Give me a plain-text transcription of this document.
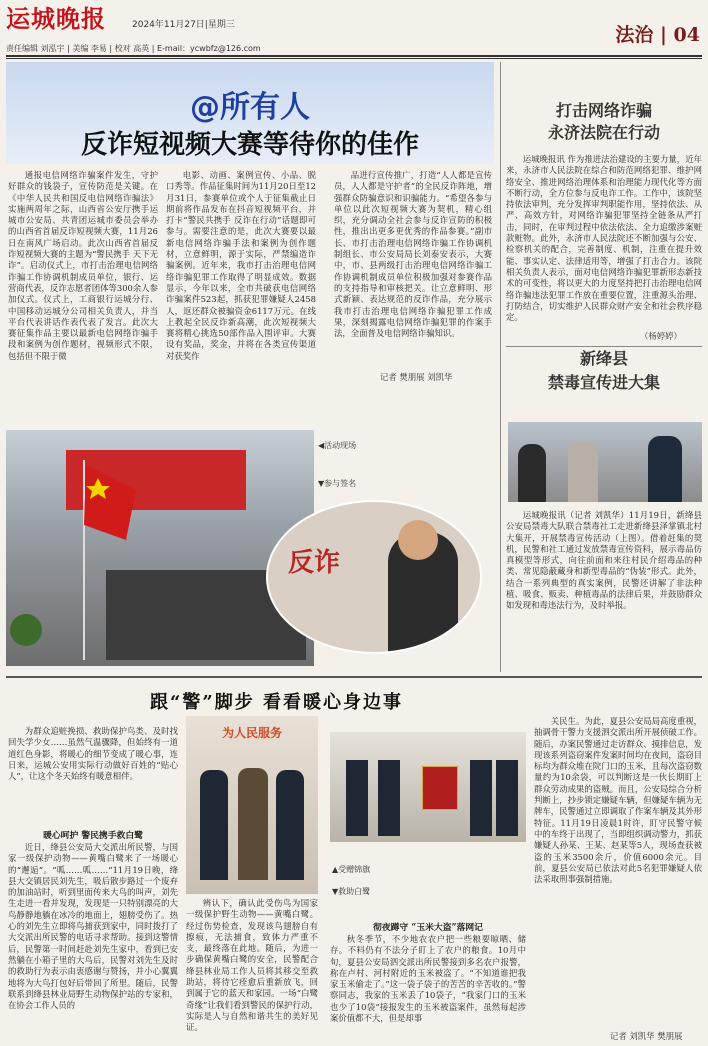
运城晚报	2024年11月27日|星期三	法治 | 04
责任编辑 刘泓宇 | 美编 李易 | 校对 高英 | E-mail：ycwbfz@126.com
@所有人
反诈短视频大赛等待你的佳作

通报电信网络诈骗案件发生，守护好群众的钱袋子，宣传防范是关键。在《中华人民共和国反电信网络诈骗法》实施两周年之际，山西省公安厅携手运城市公安局、共青团运城市委员会举办的山西省首届反诈短视频大赛，11月26日在南风广场启动。此次山西省首届反诈短视频大赛的主题为“警民携手 天下无诈”。启动仪式上，市打击治理电信网络诈骗工作协调机制成员单位，银行、运营商代表，反诈志愿者团体等300余人参加仪式。仪式上，工商银行运城分行、中国移动运城分公司相关负责人，并当平台代表讲话作表代表了发言。此次大赛征集作品主要以最新电信网络诈骗手段和案例为创作题材，视频形式不限，包括但不限于微

电影、动画、案例宣传、小品、脱口秀等。作品征集时间为11月20日至12月31日，参赛单位或个人于征集截止日期前将作品发布在抖音短视频平台，并打卡“警民共携手 反诈在行动”话题即可参与。需要注意的是，此次大赛要以最新电信网络诈骗手法和案例为创作题材，立意鲜明，源于实际，严禁编造诈骗案例。近年来，我市打击治理电信网络诈骗犯罪工作取得了明显成效。数据显示，今年以来，全市共破获电信网络诈骗案件523起，抓获犯罪嫌疑人2458人，返还群众被骗资金6117万元。在线上教起全民反诈新高潮，此次短视频大赛将精心挑选50部作品入围评审。大赛设有奖品，奖金，并将在各类宣传渠道对获奖作

品进行宣传推广，打造“人人都是宣传员，人人都是守护者”的全民反诈阵地，增强群众防骗意识和识骗能力。“希望各参与单位以此次短视频大赛为契机，精心组织，充分调动全社会参与反诈宣防的积极性，推出出更多更优秀的作品参赛。”副市长、市打击治理电信网络诈骗工作协调机制组长、市公安局局长刘泰安表示，大赛中，市、县两级打击治理电信网络诈骗工作协调机制成员单位积极加强对参赛作品的支持指导和审核把关。让立意鲜明、形式新颖、表达规范的反诈作品，充分展示我市打击治理电信网络诈骗犯罪工作成果，深刻揭露电信网络诈骗犯罪的作案手法，全面普及电信网络诈骗知识。

记者 樊朋展 刘凯华
◀活动现场
▼参与签名
反诈
打击网络诈骗
永济法院在行动

运城晚报讯 作为推进法治建设的主要力量，近年来，永济市人民法院在综合和防范网络犯罪、维护网络安全、推进网络治理体系和治理能力现代化等方面不断行动，全方位参与反电诈工作。工作中，该院坚持依法审判，充分发挥审判职能作用，坚持依法、从严、高效方针，对网络诈骗犯罪坚持全链条从严打击，同时，在审判过程中依法依法、全力追缴涉案赃款赃物。此外，永济市人民法院还不断加强与公安、检察机关的配合，完善制度、机制，注重在提升效能、事实认定、法律适用等，增强了打击合力。该院相关负责人表示，面对电信网络诈骗犯罪新形态新技术的可变性，将以更大的力度坚持把打击治理电信网络诈骗违法犯罪工作放在重要位置，注重源头治理、打防结合，切实维护人民群众财产安全和社会秩序稳定。

（杨婷婷）
新绛县
禁毒宣传进大集

运城晚报讯（记者 刘凯华）11月19日，新绛县公安局禁毒大队联合禁毒社工走进新绛县泽掌镇北村大集开，开展禁毒宣传活动（上图）。借着赶集的契机，民警和社工通过发放禁毒宣传资料，展示毒品仿真模型等形式，向往前面和来往村民介绍毒品的种类、常见隐蔽藏身和新型毒品的“伪装”形式。此外，结合一系列典型的真实案例，民警还讲解了非法种植、吸食、贩卖、种植毒品的法律后果，并鼓励群众如发现和毒违法行为，及时举报。

跟“警”脚步 看看暖心身边事

为群众追赃挽损、救助保护鸟类、及时找回失学少女……虽然气温骤降，但始终有一道道红色身影，将暖心的细节变成了暖心事，连日来，运城公安用实际行动做好百姓的“贴心人”，让这个冬天始终有暖意相伴。

暖心呵护 警民携手救白鹭

近日，绛县公安局大交派出所民警，与国家一级保护动物——黄嘴白鹭来了一场暖心的“邂逅”。“呱……呱……”11月19日晚，绛县大交镇居民刘先生，吸后散步路过一个废弃的加油站时，听到里面传来大鸟的叫声，刘先生走进一看并发现，发现是一只特别漂亮的大鸟静静地躺在冰冷的地面上，翅膀受伤了。热心的刘先生立即将鸟捕获到家中，同时拨打了大交派出所民警的电话寻求帮助。接到这警情后，民警第一时间赶赴刘先生家中，看到已安然躺在小箱子里的大鸟后，民警对刘先生及时的救助行为表示由衷感谢与赞扬，并小心翼翼地将为大鸟打包好后带回了所里。随后，民警联系到绛县林业局野生动物保护站的专家和，在协会工作人员的

为人民服务
▲受赠锦旗
▼救助白鹭

辨认下，确认此受伤鸟为国家一级保护野生动物——黄嘴白鹭。经过伤势检查，发现该鸟翅膀自有擦痕，无法捕食，致体力严重不支，最终落在此地。随后，为进一步确保黄嘴白鹭的安全，民警配合绛县林业局工作人员将其移交至救助站，将待它痊愈后重新放飞，回到属于它的蓝天和家园。一场“白鹭奇缘”让我们看到警民的保护行动，实际是人与自然和谐共生的美好见证。

彻夜蹲守 “玉米大盗”落网记

秋冬季节，不少地农农户把一些粮要晾晒、储存。不料仍有不法分子盯上了农户的粮食。10月中旬，夏县公安局泗交派出所民警接到多名农户报警，称在卢村、河村附近的玉米被盗了。“不知道谁把我家玉米偷走了。”这一袋子袋子的苦苦的辛苦收的。”警察同志，我家的玉米丢了10袋子，“我家门口的玉米也少了10袋”接报发生的玉米被盗案件，虽然每起涉案价值都不大，但是却事

关民生。为此，夏县公安局局高度重视，抽调骨干警力支援泗交派出所开展侦破工作。随后，办案民警通过走访群众、摸排信息，发现该系列盗窃案件发案时间均在夜间，盗窃目标均为群众堆在院门口的玉米，且每次盗窃数量约为10余袋，可以判断这是一伙长期盯上群众劳动成果的盗贼。而且，公安局综合分析判断上，抄步锁定嫌疑车辆，但嫌疑车辆为无牌车，民警通过立即调取了作案车辆及其外形特征。11月19日凌晨1时许，盯守民警守候中的车终于出现了，当即组织调动警力，抓获嫌疑人孙某、王某、赵某等5人，现场查获被盗的玉米3500余斤，价值6000余元。目前，夏县公安局已依法对此5名犯罪嫌疑人依法采取刑事强制措施。

记者 刘凯华 樊朋展
